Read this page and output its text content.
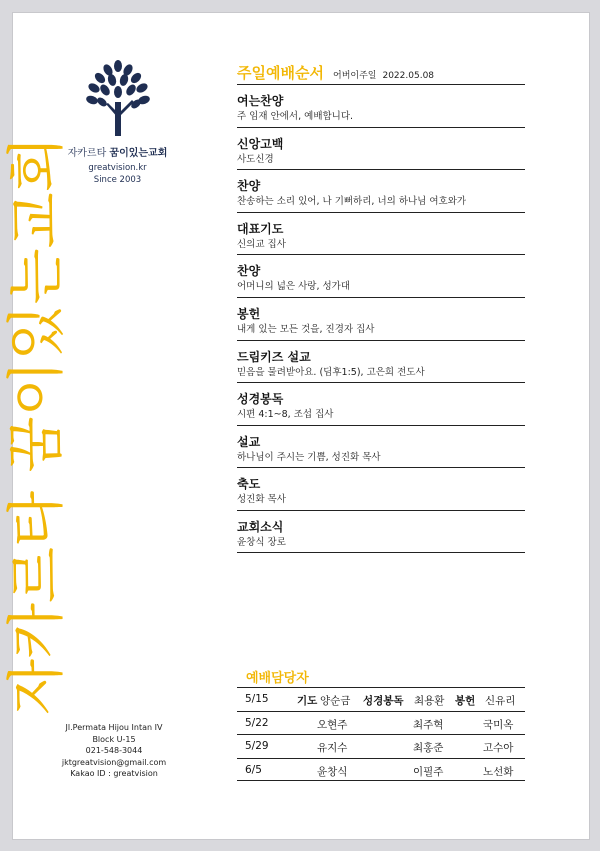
자카르타 꿈이있는교회
greatvision.kr
Since 2003
자카르타 꿈이있는교회
Jl.Permata Hijou Intan IV
Block U-15
021-548-3044
jktgreatvision@gmail.com
Kakao ID : greatvision
주일예배순서 어버이주일 2022.05.08
여는찬양
주 임재 안에서, 예배합니다.
신앙고백
사도신경
찬양
찬송하는 소리 있어, 나 기뻐하리, 너의 하나님 여호와가
대표기도
신의교 집사
찬양
어머니의 넓은 사랑, 성가대
봉헌
내게 있는 모든 것을, 진경자 집사
드림키즈 설교
믿음을 물려받아요. (딤후1:5), 고은희 전도사
성경봉독
시편 4:1~8, 조섭 집사
설교
하나님이 주시는 기쁨, 성진화 목사
축도
성진화 목사
교회소식
윤창식 장로
예배담당자
5/15	기도 양순금 성경봉독 최용환 봉헌 신유리
5/22	오현주	최주혁	국미옥
5/29	유지수	최홍준	고수아
6/5	윤창식	이필주	노선화
